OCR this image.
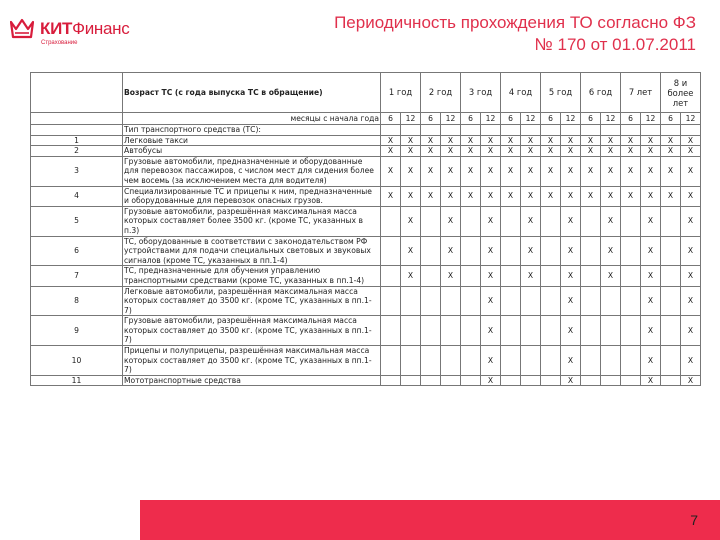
КИТФинанс
Страхование
Периодичность прохождения ТО согласно ФЗ
№ 170 от 01.07.2011
	Возраст ТС (с года выпуска ТС в обращение)	1 год		2 год		3 год		4 год		5 год		6 год		7 лет		8 и более лет	
	месяцы с начала года	6	12	6	12	6	12	6	12	6	12	6	12	6	12	6	12
	Тип транспортного средства (ТС):																
1	Легковые такси	Х	Х	Х	Х	Х	Х	Х	Х	Х	Х	Х	Х	Х	Х	Х	Х
2	Автобусы	Х	Х	Х	Х	Х	Х	Х	Х	Х	Х	Х	Х	Х	Х	Х	Х
3	Грузовые автомобили, предназначенные и оборудованные для перевозок пассажиров, с числом мест для сидения более чем восемь (за исключением места для водителя)	Х	Х	Х	Х	Х	Х	Х	Х	Х	Х	Х	Х	Х	Х	Х	Х
4	Специализированные ТС и прицепы к ним, предназначенные и оборудованные для перевозок опасных грузов.	Х	Х	Х	Х	Х	Х	Х	Х	Х	Х	Х	Х	Х	Х	Х	Х
5	Грузовые автомобили, разрешённая максимальная масса которых составляет более 3500 кг. (кроме ТС, указанных в п.3)		Х		Х		Х		Х		Х		Х		Х		Х
6	ТС, оборудованные в соответствии с законодательством РФ устройствами для подачи специальных световых и звуковых сигналов (кроме ТС, указанных в пп.1-4)		Х		Х		Х		Х		Х		Х		Х		Х
7	ТС, предназначенные для обучения управлению транспортными средствами (кроме ТС, указанных в пп.1-4)		Х		Х		Х		Х		Х		Х		Х		Х
8	Легковые автомобили, разрешённая максимальная масса которых составляет до 3500 кг. (кроме ТС, указанных в пп.1-7)						Х				Х				Х		Х
9	Грузовые автомобили, разрешённая максимальная масса которых составляет до 3500 кг. (кроме ТС, указанных в пп.1-7)						Х				Х				Х		Х
10	Прицепы и полуприцепы, разрешённая максимальная масса которых составляет до 3500 кг. (кроме ТС, указанных в пп.1-7)						Х				Х				Х		Х
11	Мототранспортные средства						Х				Х				Х		Х
7
